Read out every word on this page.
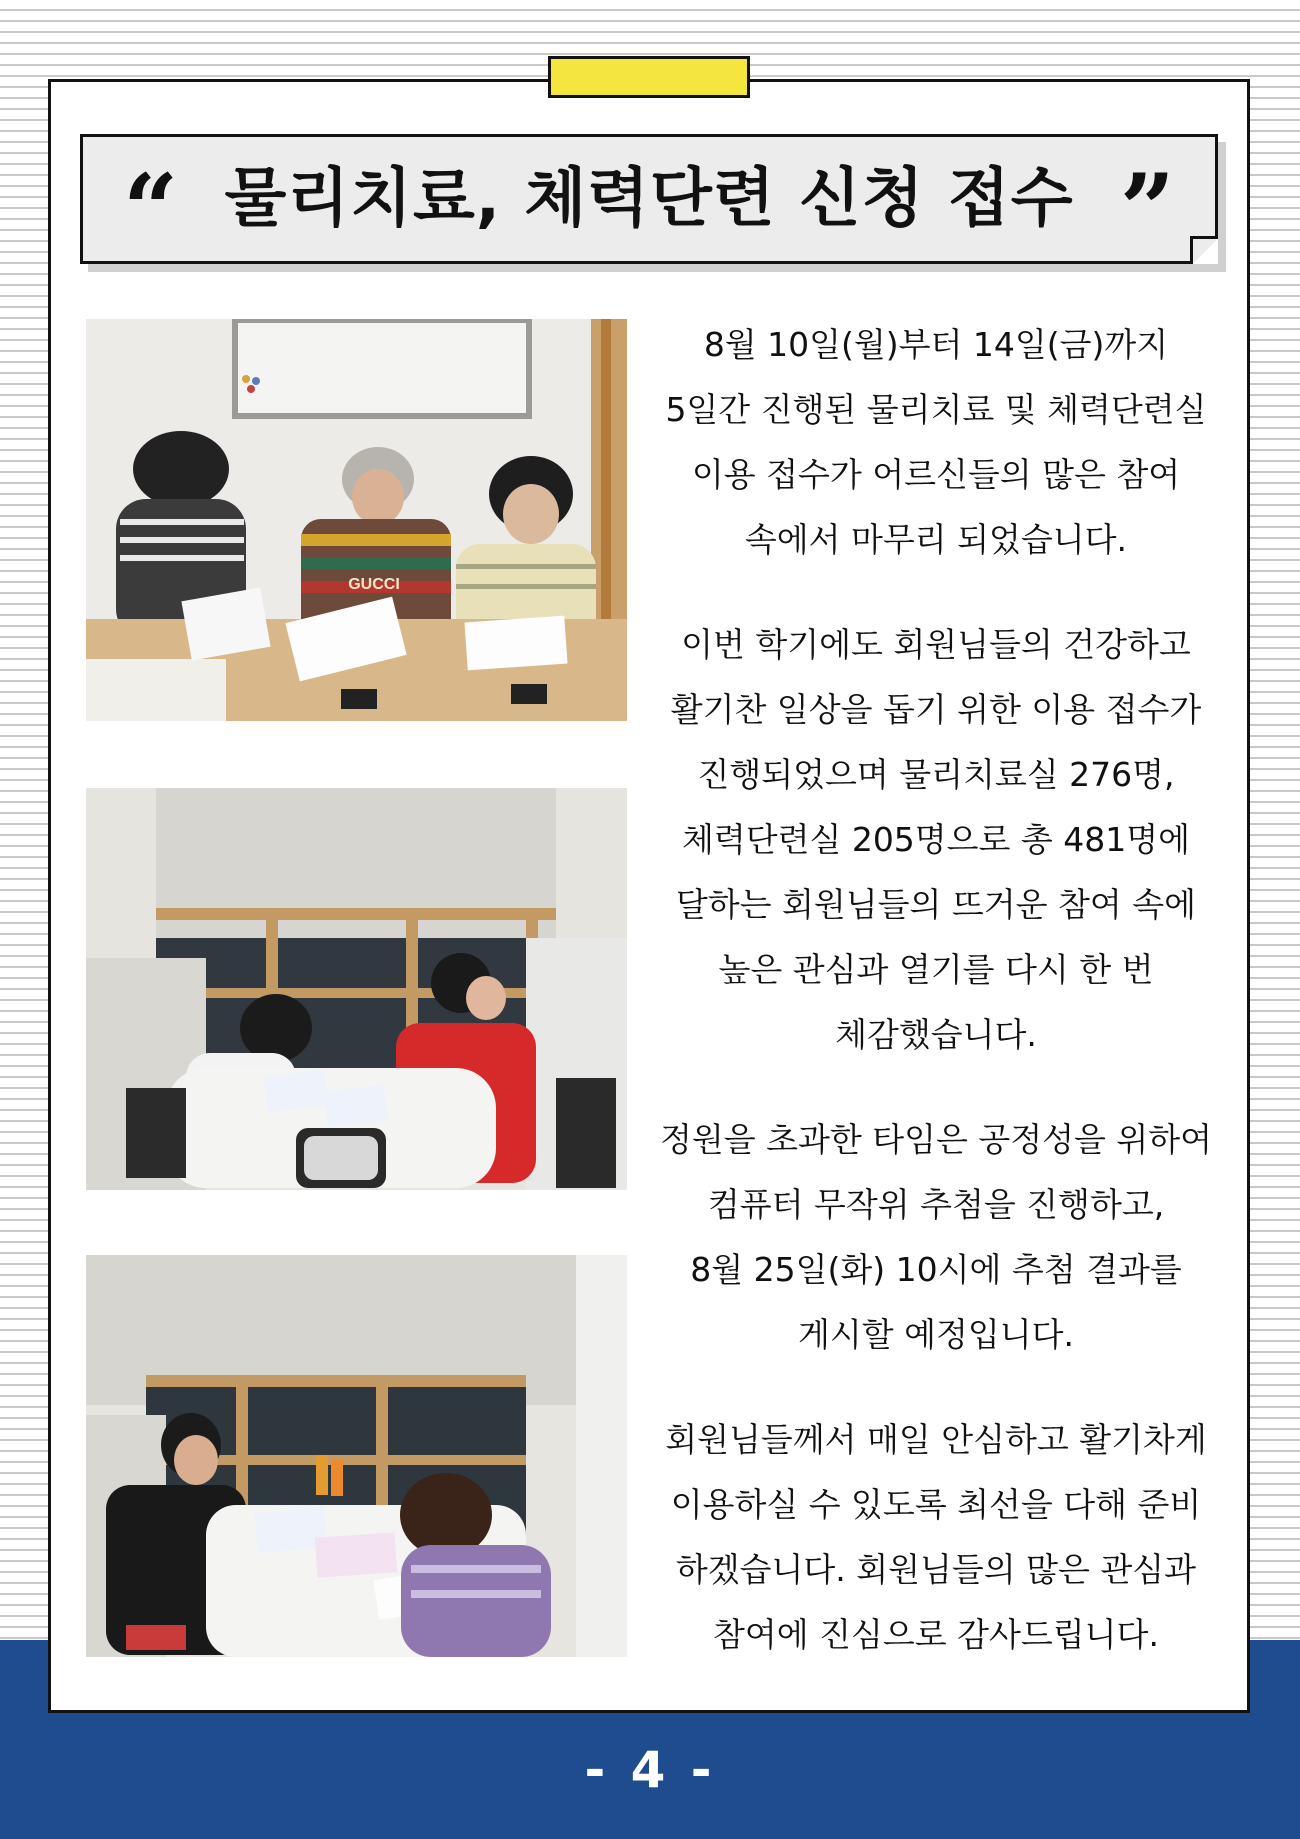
- 4 -
“ 물리치료, 체력단련 신청 접수 ”
GUCCI

8월 10일(월)부터 14일(금)까지
5일간 진행된 물리치료 및 체력단련실
이용 접수가 어르신들의 많은 참여
속에서 마무리 되었습니다.

이번 학기에도 회원님들의 건강하고
활기찬 일상을 돕기 위한 이용 접수가
진행되었으며 물리치료실 276명,
체력단련실 205명으로 총 481명에
달하는 회원님들의 뜨거운 참여 속에
높은 관심과 열기를 다시 한 번
체감했습니다.

정원을 초과한 타임은 공정성을 위하여
컴퓨터 무작위 추첨을 진행하고,
8월 25일(화) 10시에 추첨 결과를
게시할 예정입니다.

회원님들께서 매일 안심하고 활기차게
이용하실 수 있도록 최선을 다해 준비
하겠습니다. 회원님들의 많은 관심과
참여에 진심으로 감사드립니다.
